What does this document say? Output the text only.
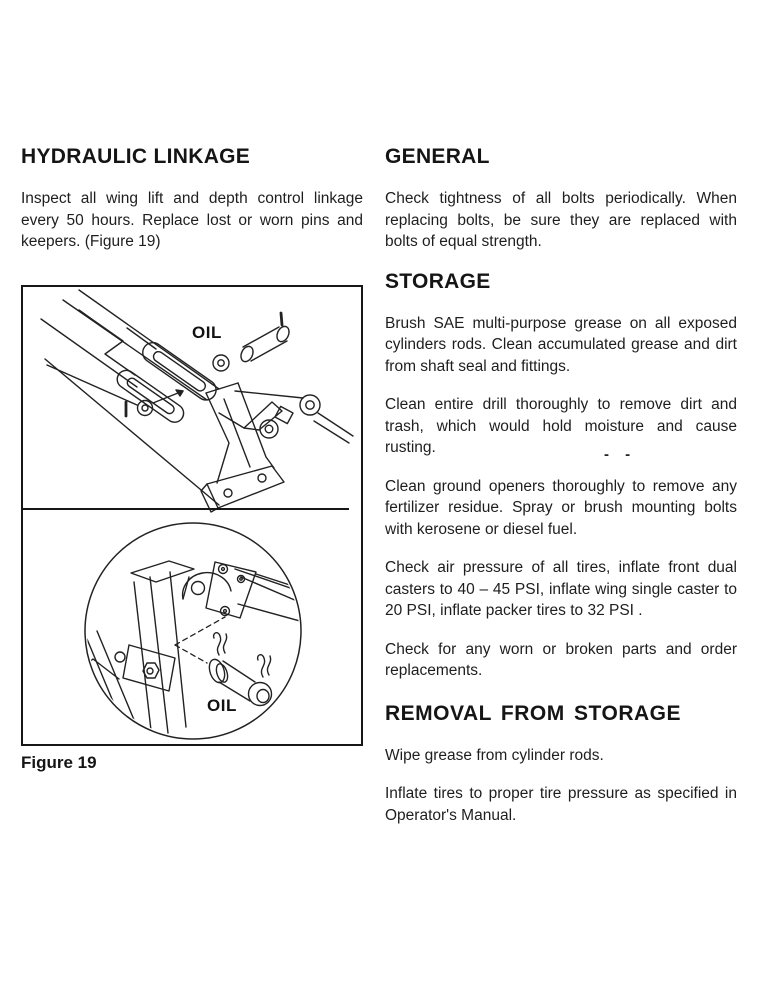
HYDRAULIC LINKAGE

Inspect all wing lift and depth control linkage every 50 hours. Replace lost or worn pins and keepers. (Figure 19)

OIL
OIL
Figure 19
GENERAL

Check tightness of all bolts periodically. When replacing bolts, be sure they are replaced with bolts of equal strength.

STORAGE

Brush SAE multi-purpose grease on all exposed cylinders rods. Clean accumulated grease and dirt from shaft seal and fittings.

Clean entire drill thoroughly to remove dirt and trash, which would hold moisture and cause rusting.

Clean ground openers thoroughly to remove any fertilizer residue. Spray or brush mounting bolts with kerosene or diesel fuel.

Check air pressure of all tires, inflate front dual casters to 40 – 45 PSI, inflate wing single caster to 20 PSI, inflate packer tires to 32 PSI .

Check for any worn or broken parts and order replacements.

REMOVAL FROM STORAGE

Wipe grease from cylinder rods.

Inflate tires to proper tire pressure as specified in Operator's Manual.

- -
